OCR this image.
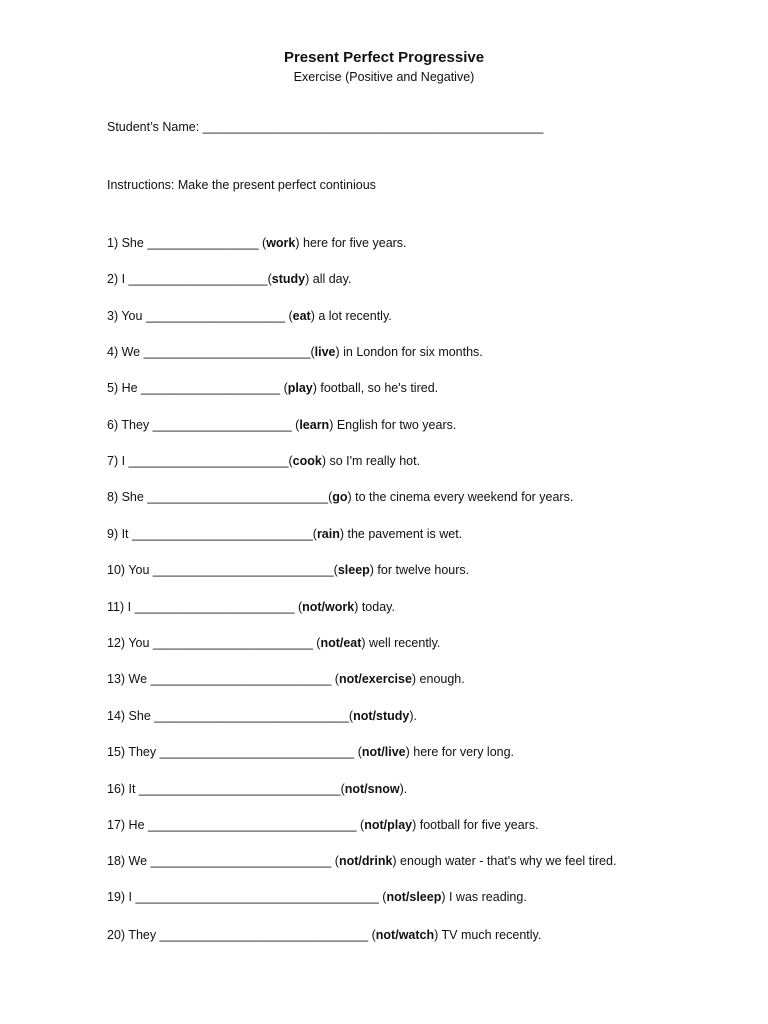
Present Perfect Progressive
Exercise (Positive and Negative)
Student’s Name: _________________________________________________
Instructions: Make the present perfect continious
1) She ________________ (work) here for five years.
2) I ____________________(study) all day.
3) You ____________________ (eat) a lot recently.
4) We ________________________(live) in London for six months.
5) He ____________________ (play) football, so he's tired.
6) They ____________________ (learn) English for two years.
7) I _______________________(cook) so I'm really hot.
8) She __________________________(go) to the cinema every weekend for years.
9) It __________________________(rain) the pavement is wet.
10) You __________________________(sleep) for twelve hours.
11) I _______________________ (not/work) today.
12) You _______________________ (not/eat) well recently.
13) We __________________________ (not/exercise) enough.
14) She ____________________________(not/study).
15) They ____________________________ (not/live) here for very long.
16) It _____________________________(not/snow).
17) He ______________________________ (not/play) football for five years.
18) We __________________________ (not/drink) enough water - that's why we feel tired.
19) I ___________________________________ (not/sleep) I was reading.
20) They ______________________________ (not/watch) TV much recently.
